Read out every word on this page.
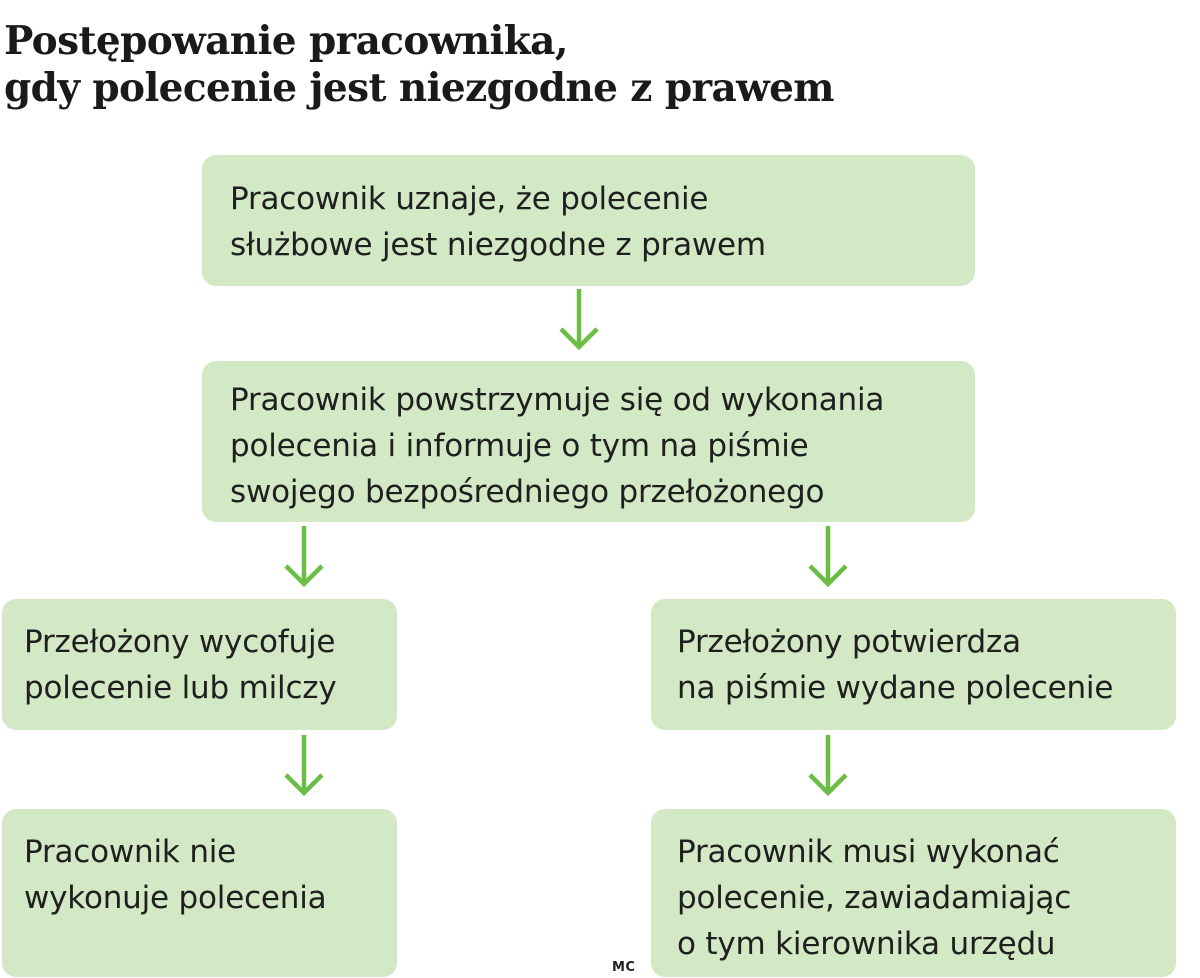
Postępowanie pracownika,
gdy polecenie jest niezgodne z prawem
Pracownik uznaje, że polecenie
służbowe jest niezgodne z prawem
Pracownik powstrzymuje się od wykonania
polecenia i informuje o tym na piśmie
swojego bezpośredniego przełożonego
Przełożony wycofuje
polecenie lub milczy
Przełożony potwierdza
na piśmie wydane polecenie
Pracownik nie
wykonuje polecenia
Pracownik musi wykonać
polecenie, zawiadamiając
o tym kierownika urzędu
MC
